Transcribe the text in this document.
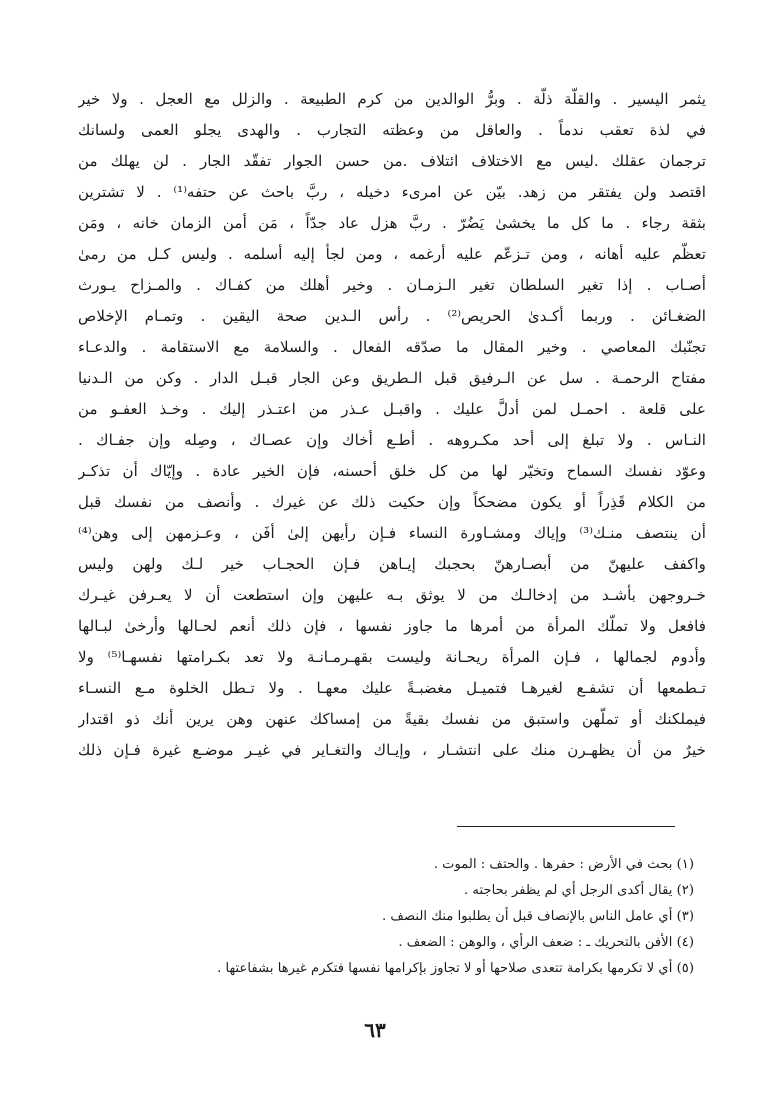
يثمر اليسير . والقلّة ذلّة . وبرُّ الوالدين من كرم الطبيعة . والزلل مع العجل . ولا خير
في لذة تعقب ندماً . والعاقل من وعظته التجارب . والهدى يجلو العمى ولسانك
ترجمان عقلك .ليس مع الاختلاف ائتلاف .من حسن الجوار تفقّد الجار . لن يهلك من
اقتصد ولن يفتقر من زهد. بيّن عن امرىء دخيله ، ربَّ باحث عن حتفه⁽¹⁾ . لا تشترين
بثقة رجاء . ما كل ما يخشىٰ يَضُرّ . ربَّ هزل عاد جدّاً ، مَن أمن الزمان خانه ، ومَن
تعظّم عليه أهانه ، ومن تـزعّم عليه أرغمه ، ومن لجأ إليه أسلمه . وليس كـل من رمىٰ
أصـاب . إذا تغير السلطان تغير الـزمـان . وخير أهلك من كفـاك . والمـزاح يـورث
الضغـائن . وربما أكـدىٰ الحريص⁽²⁾ . رأس الـدين صحة اليقين . وتمـام الإخلاص
تجنّبك المعاصي . وخير المقال ما صدّقه الفعال . والسلامة مع الاستقامة . والدعـاء
مفتاح الرحمـة . سل عن الـرفيق قبل الـطريق وعن الجار قبـل الدار . وكن من الـدنيا
على قلعة . احمـل لمن أدلَّ عليك . واقبـل عـذر من اعتـذر إليك . وخـذ العفـو من
النـاس . ولا تبلغ إلى أحد مكـروهه . أطـع أخاك وإن عصـاك ، وصِله وإن جفـاك .
وعوّد نفسك السماح وتخيّر لها من كل خلق أحسنه، فإن الخير عادة . وإيّاك أن تذكـر
من الكلام قَذِراً أو يكون مضحكاً وإن حكيت ذلك عن غيرك . وأنصف من نفسك قبل
أن ينتصف منـك⁽³⁾ وإياك ومشـاورة النساء فـإن رأيهن إلىٰ أفَن ، وعـزمهن إلى وهن⁽⁴⁾
واكفف عليهنّ من أبصـارهنّ بحجبك إيـاهن فـإن الحجـاب خير لـك ولهن وليس
خـروجهن بأشـد من إدخالـك من لا يوثق بـه عليهن وإن استطعت أن لا يعـرفن غيـرك
فافعل ولا تملّك المرأة من أمرها ما جاوز نفسها ، فإن ذلك أنعم لحـالها وأرخىٰ لبـالها
وأدوم لجمالها ، فـإن المرأة ريحـانة وليست بقهـرمـانـة ولا تعد بكـرامتها نفسهـا⁽⁵⁾ ولا
تـطمعها أن تشفـع لغيرهـا فتميـل مغضبـةً عليك معهـا . ولا تـطل الخلوة مـع النسـاء
فيملكنك أو تملّهن واستبق من نفسك بقيةً من إمساكك عنهن وهن يرين أنك ذو اقتدار
خيرٌ من أن يظهـرن منك على انتشـار ، وإيـاك والتغـاير في غيـر موضـع غيرة فـإن ذلك
(١) بحث في الأرض : حفرها . والحتف : الموت .
(٢) يقال أكدى الرجل أي لم يظفر بحاجته .
(٣) أي عامل الناس بالإنصاف قبل أن يطلبوا منك النصف .
(٤) الأفن بالتحريك ـ : ضعف الرأي ، والوهن : الضعف .
(٥) أي لا تكرمها بكرامة تتعدى صلاحها أو لا تجاوز بإكرامها نفسها فتكرم غيرها بشفاعتها .
٦٣
